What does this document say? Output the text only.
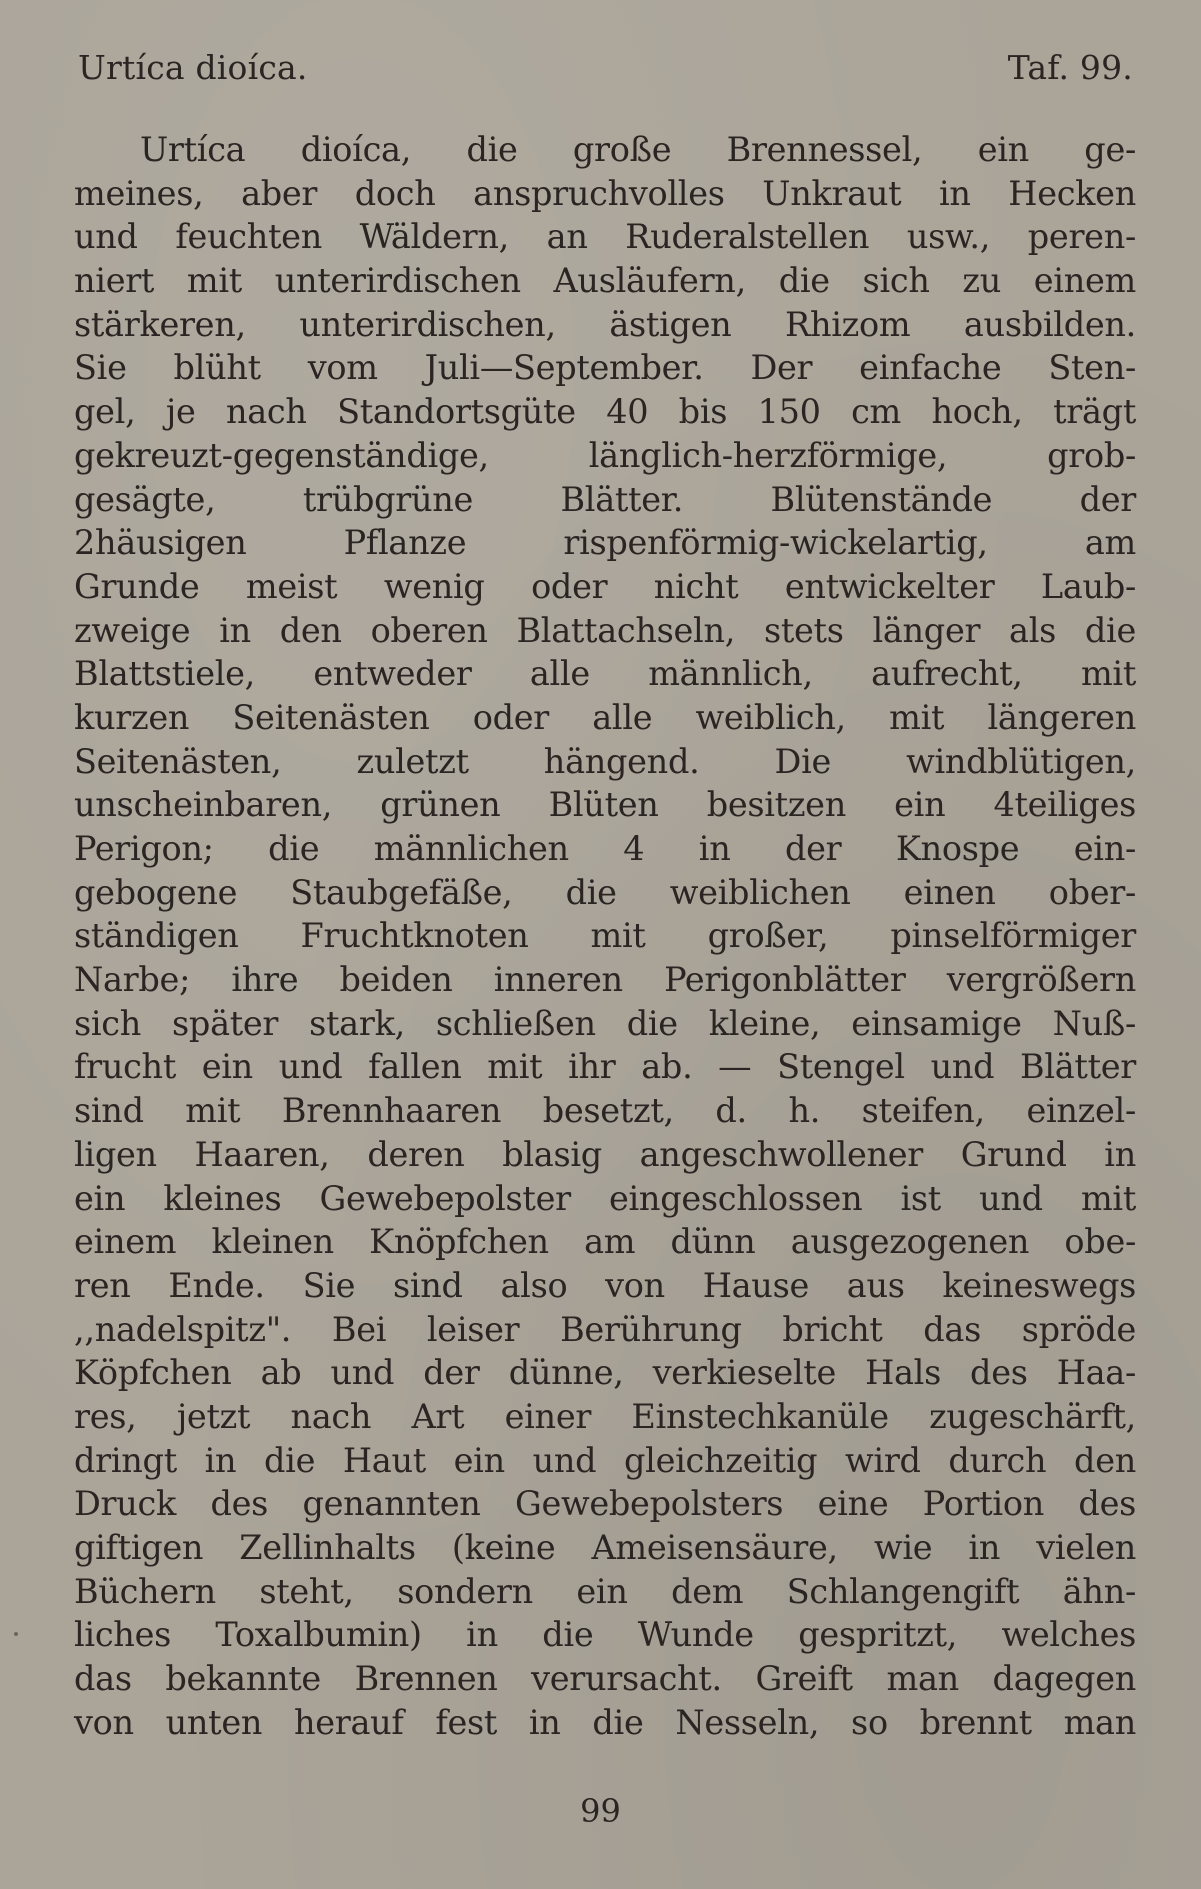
Urtíca dioíca.	Taf. 99.
Urtíca dioíca, die große Brennessel, ein ge-
meines, aber doch anspruchvolles Unkraut in Hecken
und feuchten Wäldern, an Ruderalstellen usw., peren-
niert mit unterirdischen Ausläufern, die sich zu einem
stärkeren, unterirdischen, ästigen Rhizom ausbilden.
Sie blüht vom Juli—September. Der einfache Sten-
gel, je nach Standortsgüte 40 bis 150 cm hoch, trägt
gekreuzt-gegenständige, länglich-herzförmige, grob-
gesägte, trübgrüne Blätter. Blütenstände der
2häusigen Pflanze rispenförmig-wickelartig, am
Grunde meist wenig oder nicht entwickelter Laub-
zweige in den oberen Blattachseln, stets länger als die
Blattstiele, entweder alle männlich, aufrecht, mit
kurzen Seitenästen oder alle weiblich, mit längeren
Seitenästen, zuletzt hängend. Die windblütigen,
unscheinbaren, grünen Blüten besitzen ein 4teiliges
Perigon; die männlichen 4 in der Knospe ein-
gebogene Staubgefäße, die weiblichen einen ober-
ständigen Fruchtknoten mit großer, pinselförmiger
Narbe; ihre beiden inneren Perigonblätter vergrößern
sich später stark, schließen die kleine, einsamige Nuß-
frucht ein und fallen mit ihr ab. — Stengel und Blätter
sind mit Brennhaaren besetzt, d. h. steifen, einzel-
ligen Haaren, deren blasig angeschwollener Grund in
ein kleines Gewebepolster eingeschlossen ist und mit
einem kleinen Knöpfchen am dünn ausgezogenen obe-
ren Ende. Sie sind also von Hause aus keineswegs
,,nadelspitz". Bei leiser Berührung bricht das spröde
Köpfchen ab und der dünne, verkieselte Hals des Haa-
res, jetzt nach Art einer Einstechkanüle zugeschärft,
dringt in die Haut ein und gleichzeitig wird durch den
Druck des genannten Gewebepolsters eine Portion des
giftigen Zellinhalts (keine Ameisensäure, wie in vielen
Büchern steht, sondern ein dem Schlangengift ähn-
liches Toxalbumin) in die Wunde gespritzt, welches
das bekannte Brennen verursacht. Greift man dagegen
von unten herauf fest in die Nesseln, so brennt man
99
